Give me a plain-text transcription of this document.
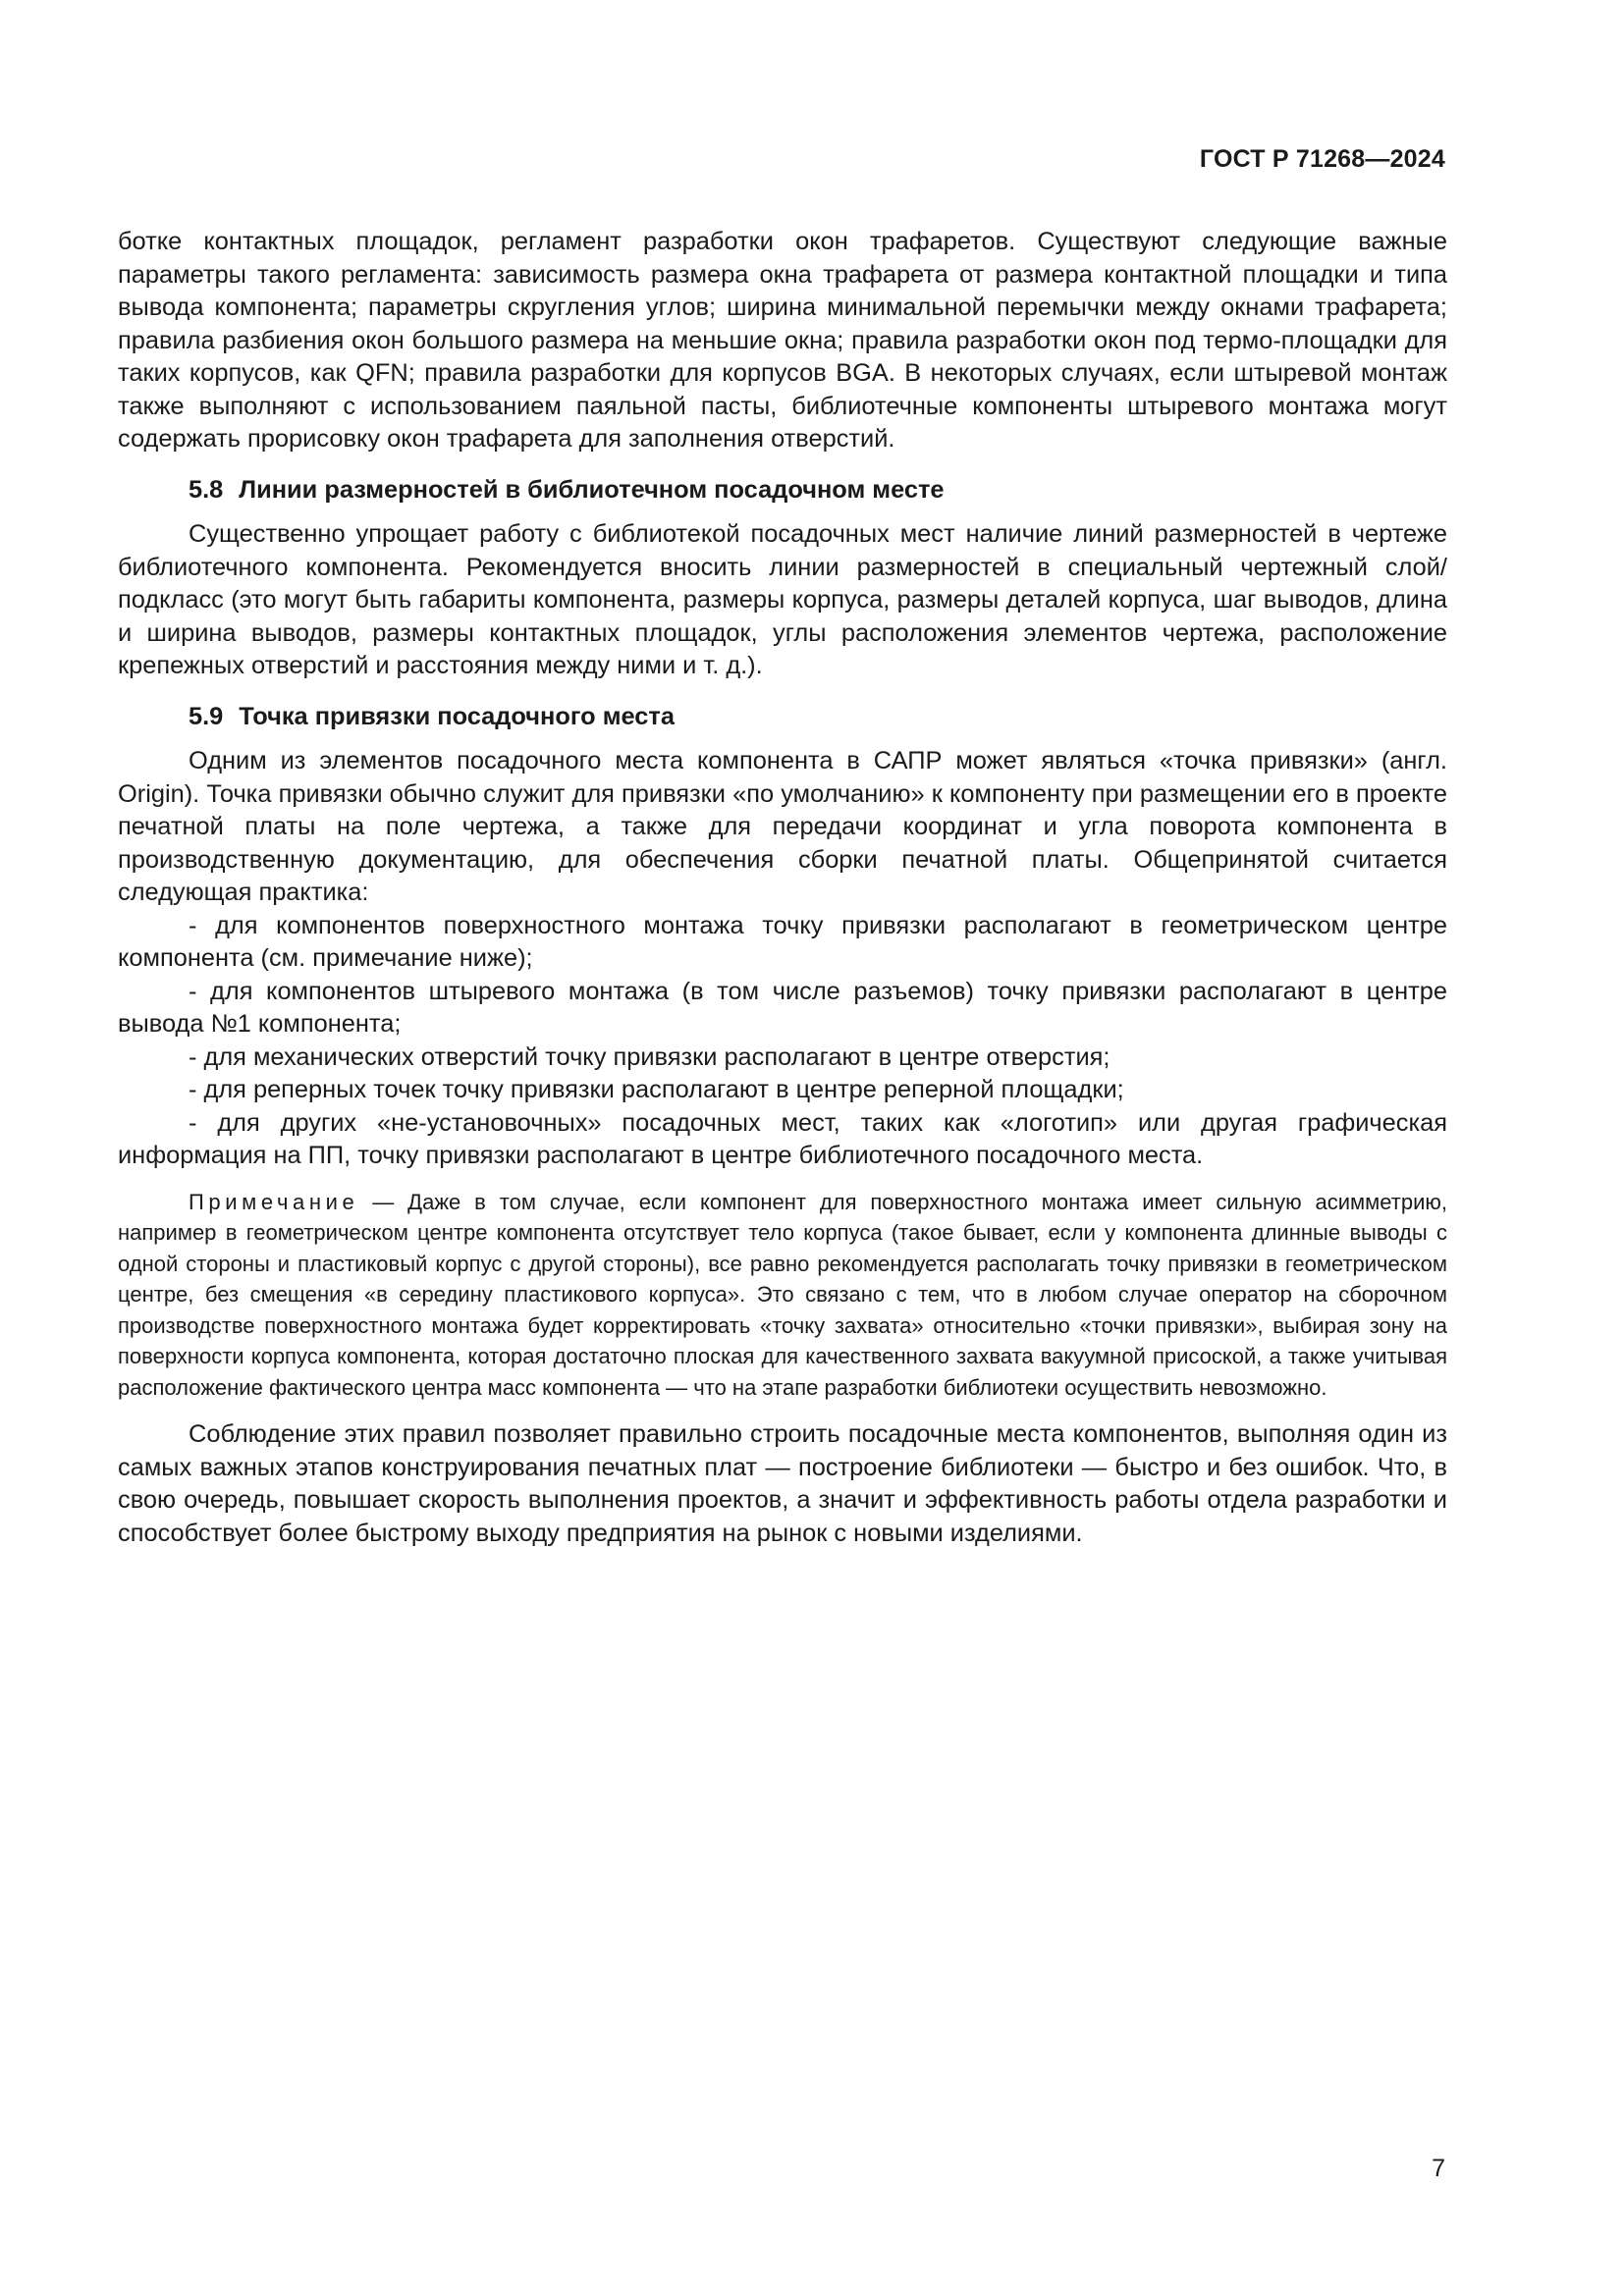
ГОСТ Р 71268—2024

ботке контактных площадок, регламент разработки окон трафаретов. Существуют следующие важные параметры такого регламента: зависимость размера окна трафарета от размера контактной площадки и типа вывода компонента; параметры скругления углов; ширина минимальной перемычки между окнами трафарета; правила разбиения окон большого размера на меньшие окна; правила разработки окон под термо-площадки для таких корпусов, как QFN; правила разработки для корпусов BGA. В некоторых случаях, если штыревой монтаж также выполняют с использованием паяльной пасты, библиотечные компоненты штыревого монтажа могут содержать прорисовку окон трафарета для заполнения отверстий.

5.8 Линии размерностей в библиотечном посадочном месте

Существенно упрощает работу с библиотекой посадочных мест наличие линий размерностей в чертеже библиотечного компонента. Рекомендуется вносить линии размерностей в специальный чертежный слой/подкласс (это могут быть габариты компонента, размеры корпуса, размеры деталей корпуса, шаг выводов, длина и ширина выводов, размеры контактных площадок, углы расположения элементов чертежа, расположение крепежных отверстий и расстояния между ними и т. д.).

5.9 Точка привязки посадочного места

Одним из элементов посадочного места компонента в САПР может являться «точка привязки» (англ. Origin). Точка привязки обычно служит для привязки «по умолчанию» к компоненту при размещении его в проекте печатной платы на поле чертежа, а также для передачи координат и угла поворота компонента в производственную документацию, для обеспечения сборки печатной платы. Общепринятой считается следующая практика:

- для компонентов поверхностного монтажа точку привязки располагают в геометрическом центре компонента (см. примечание ниже);

- для компонентов штыревого монтажа (в том числе разъемов) точку привязки располагают в центре вывода №1 компонента;

- для механических отверстий точку привязки располагают в центре отверстия;

- для реперных точек точку привязки располагают в центре реперной площадки;

- для других «не-установочных» посадочных мест, таких как «логотип» или другая графическая информация на ПП, точку привязки располагают в центре библиотечного посадочного места.

Примечание — Даже в том случае, если компонент для поверхностного монтажа имеет сильную асимметрию, например в геометрическом центре компонента отсутствует тело корпуса (такое бывает, если у компонента длинные выводы с одной стороны и пластиковый корпус с другой стороны), все равно рекомендуется располагать точку привязки в геометрическом центре, без смещения «в середину пластикового корпуса». Это связано с тем, что в любом случае оператор на сборочном производстве поверхностного монтажа будет корректировать «точку захвата» относительно «точки привязки», выбирая зону на поверхности корпуса компонента, которая достаточно плоская для качественного захвата вакуумной присоской, а также учитывая расположение фактического центра масс компонента — что на этапе разработки библиотеки осуществить невозможно.

Соблюдение этих правил позволяет правильно строить посадочные места компонентов, выполняя один из самых важных этапов конструирования печатных плат — построение библиотеки — быстро и без ошибок. Что, в свою очередь, повышает скорость выполнения проектов, а значит и эффективность работы отдела разработки и способствует более быстрому выходу предприятия на рынок с новыми изделиями.

7
